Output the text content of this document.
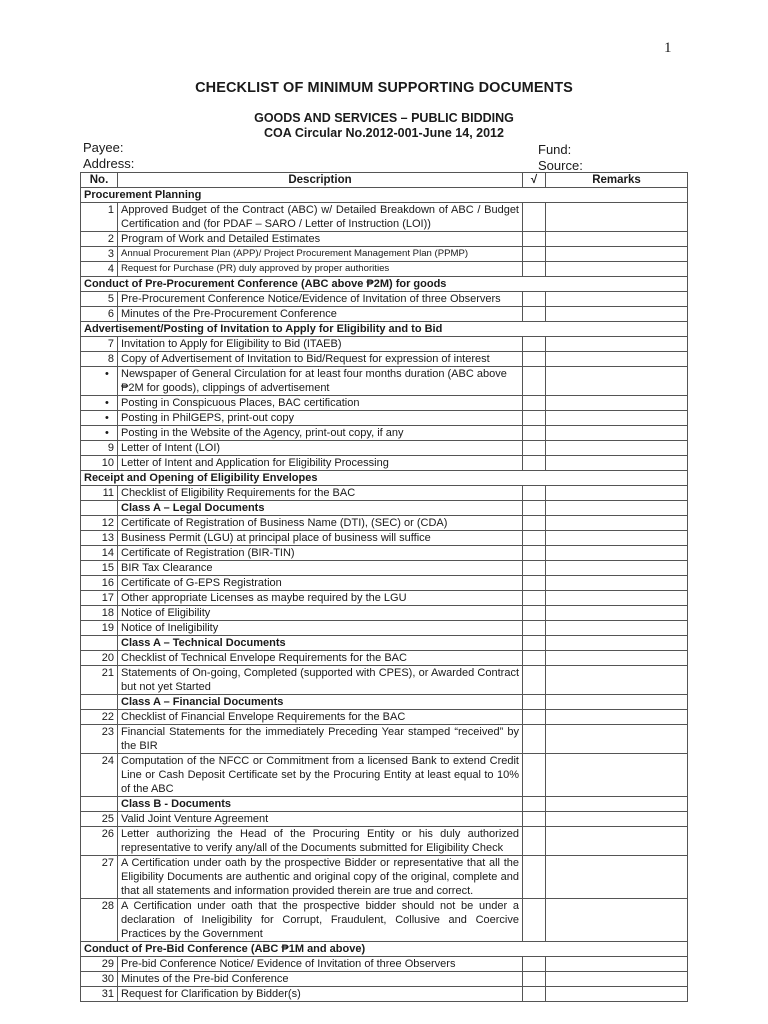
1
CHECKLIST OF MINIMUM SUPPORTING DOCUMENTS
GOODS AND SERVICES – PUBLIC BIDDING
COA Circular No.2012-001-June 14, 2012
Payee:
Address:
Fund:
Source:
No.	Description	√	Remarks
Procurement Planning			
1	Approved Budget of the Contract (ABC) w/ Detailed Breakdown of ABC / Budget Certification and (for PDAF – SARO / Letter of Instruction (LOI))		
2	Program of Work and Detailed Estimates		
3	Annual Procurement Plan (APP)/ Project Procurement Management Plan (PPMP)		
4	Request for Purchase (PR) duly approved by proper authorities		
Conduct of Pre-Procurement Conference (ABC above ₱2M) for goods			
5	Pre-Procurement Conference Notice/Evidence of Invitation of three Observers		
6	Minutes of the Pre-Procurement Conference		
Advertisement/Posting of Invitation to Apply for Eligibility and to Bid			
7	Invitation to Apply for Eligibility to Bid (ITAEB)		
8	Copy of Advertisement of Invitation to Bid/Request for expression of interest		
	• Newspaper of General Circulation for at least four months duration (ABC above ₱2M for goods), clippings of advertisement		
	• Posting in Conspicuous Places, BAC certification		
	• Posting in PhilGEPS, print-out copy		
	• Posting in the Website of the Agency, print-out copy, if any		
9	Letter of Intent (LOI)		
10	Letter of Intent and Application for Eligibility Processing		
Receipt and Opening of Eligibility Envelopes			
11	Checklist of Eligibility Requirements for the BAC		
	Class A – Legal Documents		
12	Certificate of Registration of Business Name (DTI), (SEC) or (CDA)		
13	Business Permit (LGU) at principal place of business will suffice		
14	Certificate of Registration (BIR-TIN)		
15	BIR Tax Clearance		
16	Certificate of G-EPS Registration		
17	Other appropriate Licenses as maybe required by the LGU		
18	Notice of Eligibility		
19	Notice of Ineligibility		
	Class A – Technical Documents		
20	Checklist of Technical Envelope Requirements for the BAC		
21	Statements of On-going, Completed (supported with CPES), or Awarded Contract but not yet Started		
	Class A – Financial Documents		
22	Checklist of Financial Envelope Requirements for the BAC		
23	Financial Statements for the immediately Preceding Year stamped “received” by the BIR		
24	Computation of the NFCC or Commitment from a licensed Bank to extend Credit Line or Cash Deposit Certificate set by the Procuring Entity at least equal to 10% of the ABC		
	Class B - Documents		
25	Valid Joint Venture Agreement		
26	Letter authorizing the Head of the Procuring Entity or his duly authorized representative to verify any/all of the Documents submitted for Eligibility Check		
27	A Certification under oath by the prospective Bidder or representative that all the Eligibility Documents are authentic and original copy of the original, complete and that all statements and information provided therein are true and correct.		
28	A Certification under oath that the prospective bidder should not be under a declaration of Ineligibility for Corrupt, Fraudulent, Collusive and Coercive Practices by the Government		
Conduct of Pre-Bid Conference (ABC ₱1M and above)			
29	Pre-bid Conference Notice/ Evidence of Invitation of three Observers		
30	Minutes of the Pre-bid Conference		
31	Request for Clarification by Bidder(s)		
